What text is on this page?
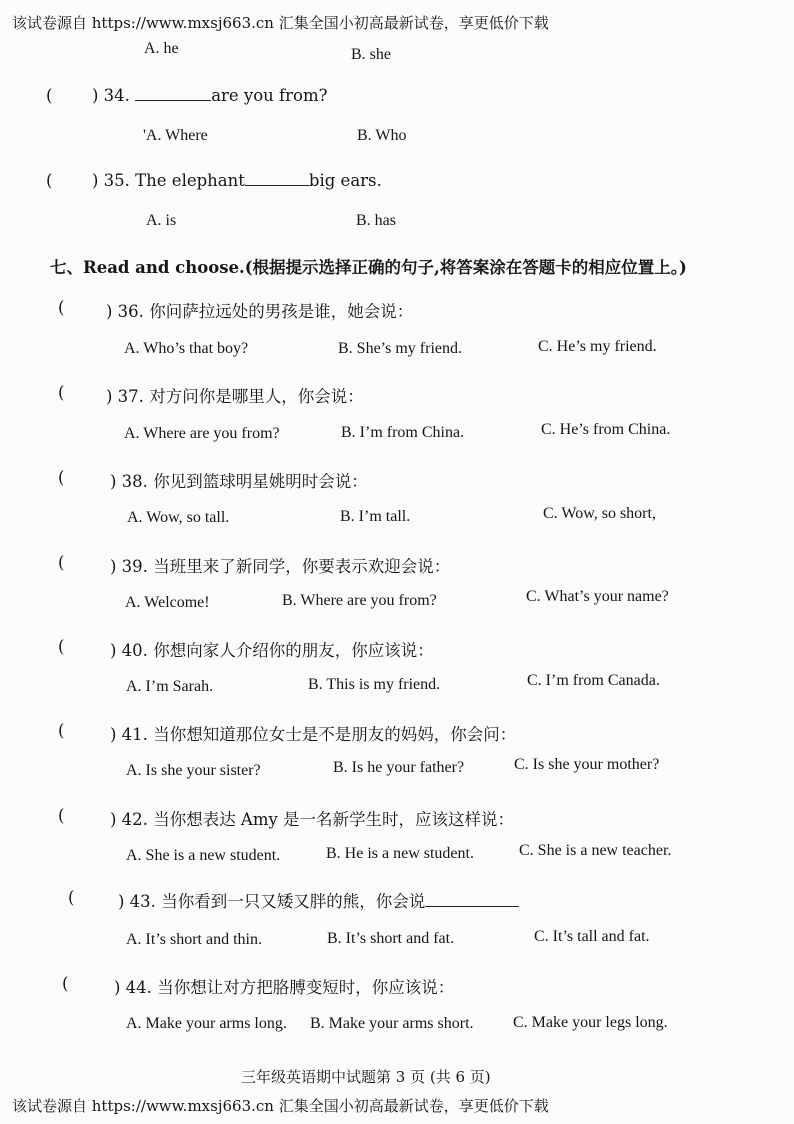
该试卷源自 https://www.mxsj663.cn 汇集全国小初高最新试卷，享更低价下载
A. he	B. she
( ) 34.	are you from?
'A. Where	B. Who
( ) 35. The elephant	big ears.
A. is	B. has
七、Read and choose.(根据提示选择正确的句子,将答案涂在答题卡的相应位置上。)
(	) 36. 你问萨拉远处的男孩是谁，她会说：
A. Who’s that boy?	B. She’s my friend.	C. He’s my friend.
(	) 37. 对方问你是哪里人，你会说：
A. Where are you from?	B. I’m from China.	C. He’s from China.
(	) 38. 你见到篮球明星姚明时会说：
A. Wow, so tall.	B. I’m tall.	C. Wow, so short,
(	) 39. 当班里来了新同学，你要表示欢迎会说：
A. Welcome!	B. Where are you from?	C. What’s your name?
(	) 40. 你想向家人介绍你的朋友，你应该说：
A. I’m Sarah.	B. This is my friend.	C. I’m from Canada.
(	) 41. 当你想知道那位女士是不是朋友的妈妈，你会问：
A. Is she your sister?	B. Is he your father?	C. Is she your mother?
(	) 42. 当你想表达 Amy 是一名新学生时，应该这样说：
A. She is a new student.	B. He is a new student.	C. She is a new teacher.
(	) 43. 当你看到一只又矮又胖的熊，你会说
A. It’s short and thin.	B. It’s short and fat.	C. It’s tall and fat.
(	) 44. 当你想让对方把胳膊变短时，你应该说：
A. Make your arms long. B. Make your arms short. C. Make your legs long.
三年级英语期中试题第 3 页 (共 6 页)
该试卷源自 https://www.mxsj663.cn 汇集全国小初高最新试卷，享更低价下载
